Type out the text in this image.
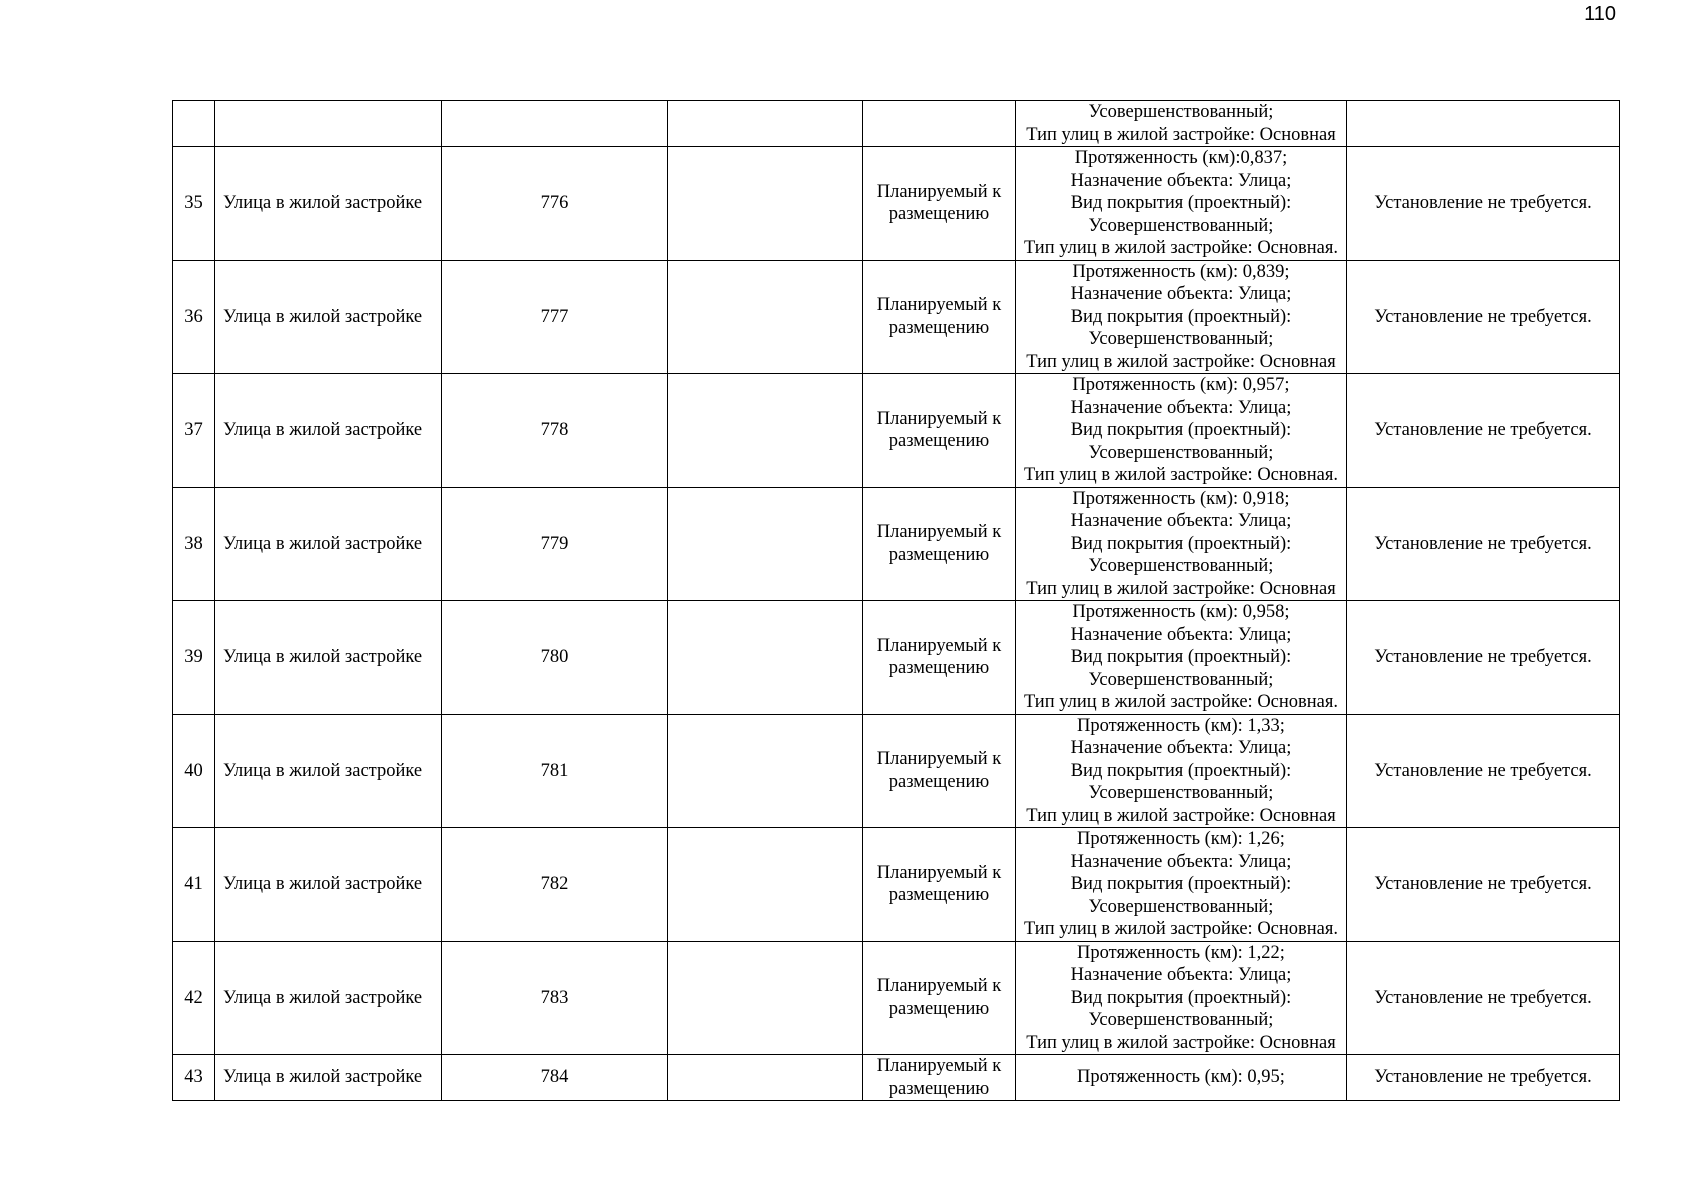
110

					Усовершенствованный;
Тип улиц в жилой застройке: Основная	

35	Улица в жилой застройке	776		Планируемый к размещению	Протяженность (км):0,837;
Назначение объекта: Улица;
Вид покрытия (проектный):
Усовершенствованный;
Тип улиц в жилой застройке: Основная.	Установление не требуется.
36	Улица в жилой застройке	777		Планируемый к размещению	Протяженность (км): 0,839;
Назначение объекта: Улица;
Вид покрытия (проектный):
Усовершенствованный;
Тип улиц в жилой застройке: Основная	Установление не требуется.
37	Улица в жилой застройке	778		Планируемый к размещению	Протяженность (км): 0,957;
Назначение объекта: Улица;
Вид покрытия (проектный):
Усовершенствованный;
Тип улиц в жилой застройке: Основная.	Установление не требуется.
38	Улица в жилой застройке	779		Планируемый к размещению	Протяженность (км): 0,918;
Назначение объекта: Улица;
Вид покрытия (проектный):
Усовершенствованный;
Тип улиц в жилой застройке: Основная	Установление не требуется.
39	Улица в жилой застройке	780		Планируемый к размещению	Протяженность (км): 0,958;
Назначение объекта: Улица;
Вид покрытия (проектный):
Усовершенствованный;
Тип улиц в жилой застройке: Основная.	Установление не требуется.
40	Улица в жилой застройке	781		Планируемый к размещению	Протяженность (км): 1,33;
Назначение объекта: Улица;
Вид покрытия (проектный):
Усовершенствованный;
Тип улиц в жилой застройке: Основная	Установление не требуется.
41	Улица в жилой застройке	782		Планируемый к размещению	Протяженность (км): 1,26;
Назначение объекта: Улица;
Вид покрытия (проектный):
Усовершенствованный;
Тип улиц в жилой застройке: Основная.	Установление не требуется.
42	Улица в жилой застройке	783		Планируемый к размещению	Протяженность (км): 1,22;
Назначение объекта: Улица;
Вид покрытия (проектный):
Усовершенствованный;
Тип улиц в жилой застройке: Основная	Установление не требуется.
43	Улица в жилой застройке	784		Планируемый к размещению	Протяженность (км): 0,95;	Установление не требуется.
